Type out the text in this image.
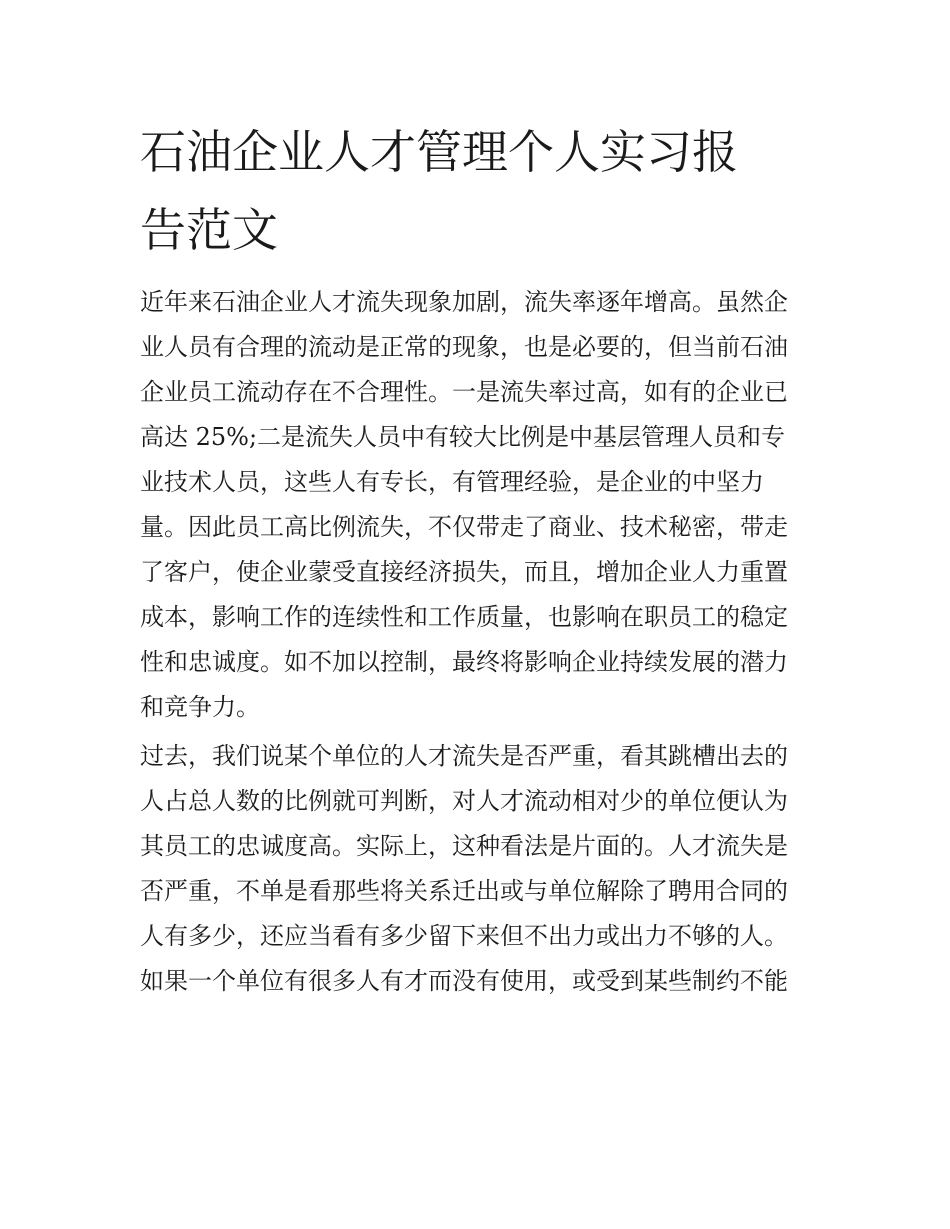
石油企业人才管理个人实习报
告范文
近年来石油企业人才流失现象加剧，流失率逐年增高。虽然企
业人员有合理的流动是正常的现象，也是必要的，但当前石油
企业员工流动存在不合理性。一是流失率过高，如有的企业已
高达 25%;二是流失人员中有较大比例是中基层管理人员和专
业技术人员，这些人有专长，有管理经验，是企业的中坚力
量。因此员工高比例流失，不仅带走了商业、技术秘密，带走
了客户，使企业蒙受直接经济损失，而且，增加企业人力重置
成本，影响工作的连续性和工作质量，也影响在职员工的稳定
性和忠诚度。如不加以控制，最终将影响企业持续发展的潜力
和竞争力。
过去，我们说某个单位的人才流失是否严重，看其跳槽出去的
人占总人数的比例就可判断，对人才流动相对少的单位便认为
其员工的忠诚度高。实际上，这种看法是片面的。人才流失是
否严重，不单是看那些将关系迁出或与单位解除了聘用合同的
人有多少，还应当看有多少留下来但不出力或出力不够的人。
如果一个单位有很多人有才而没有使用，或受到某些制约不能
